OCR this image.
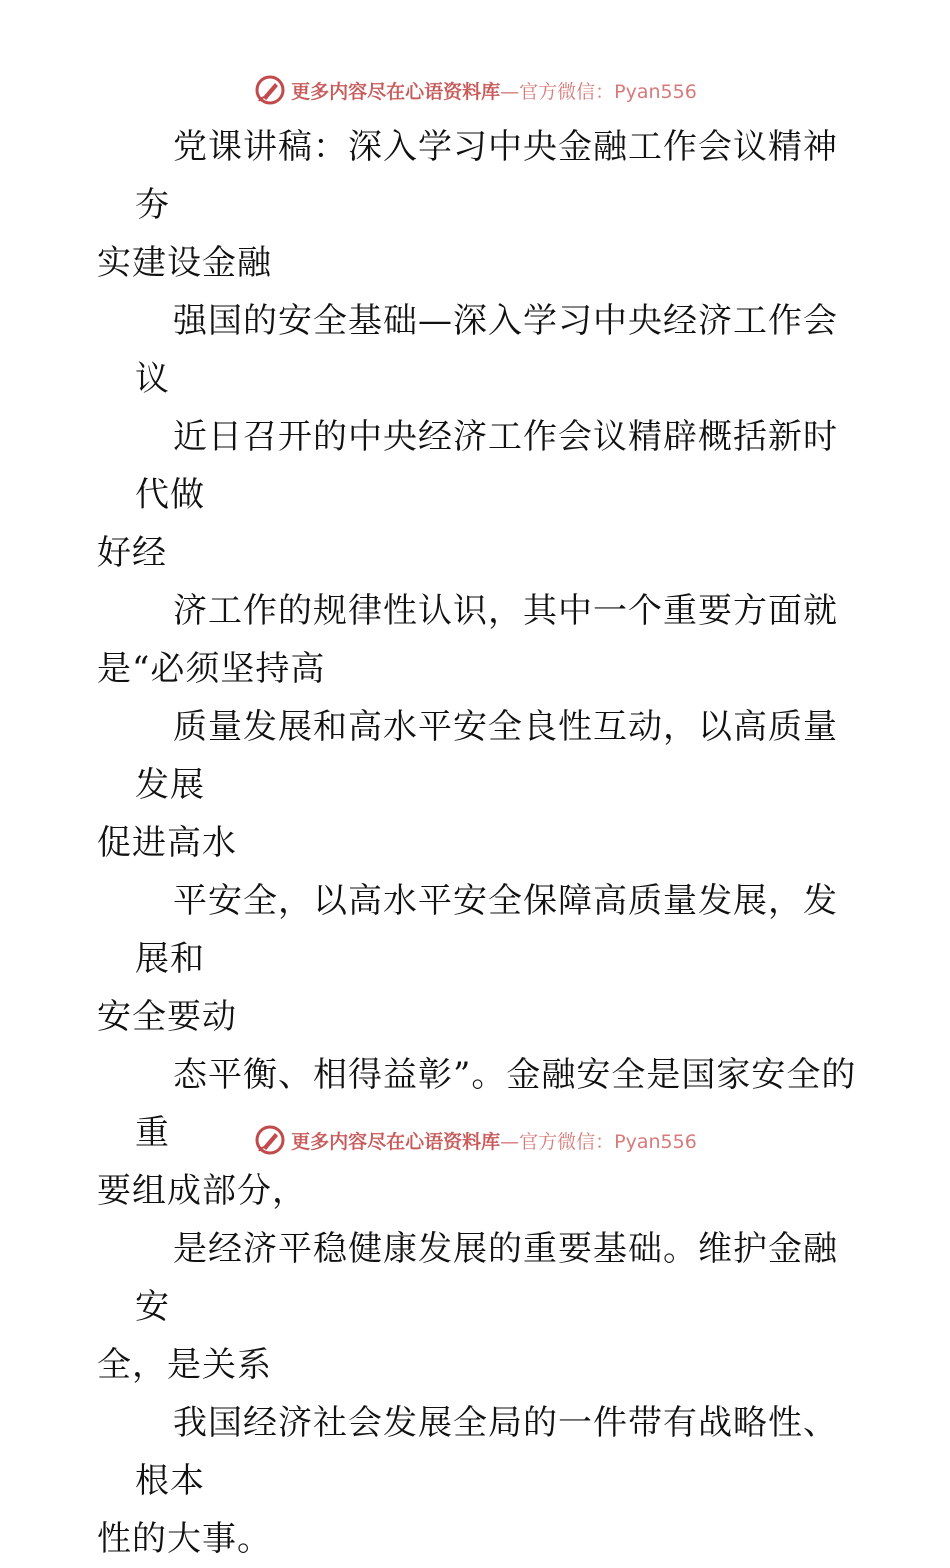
更多内容尽在心语资料库—官方微信：Pyan556
党课讲稿：深入学习中央金融工作会议精神 夯
实建设金融
强国的安全基础—深入学习中央经济工作会议
近日召开的中央经济工作会议精辟概括新时代做
好经
济工作的规律性认识，其中一个重要方面就
是“必须坚持高
质量发展和高水平安全良性互动，以高质量发展
促进高水
平安全，以高水平安全保障高质量发展，发展和
安全要动
态平衡、相得益彰”。金融安全是国家安全的重
要组成部分，
是经济平稳健康发展的重要基础。维护金融安
全，是关系
我国经济社会发展全局的一件带有战略性、根本
性的大事。
更多内容尽在心语资料库—官方微信：Pyan556
